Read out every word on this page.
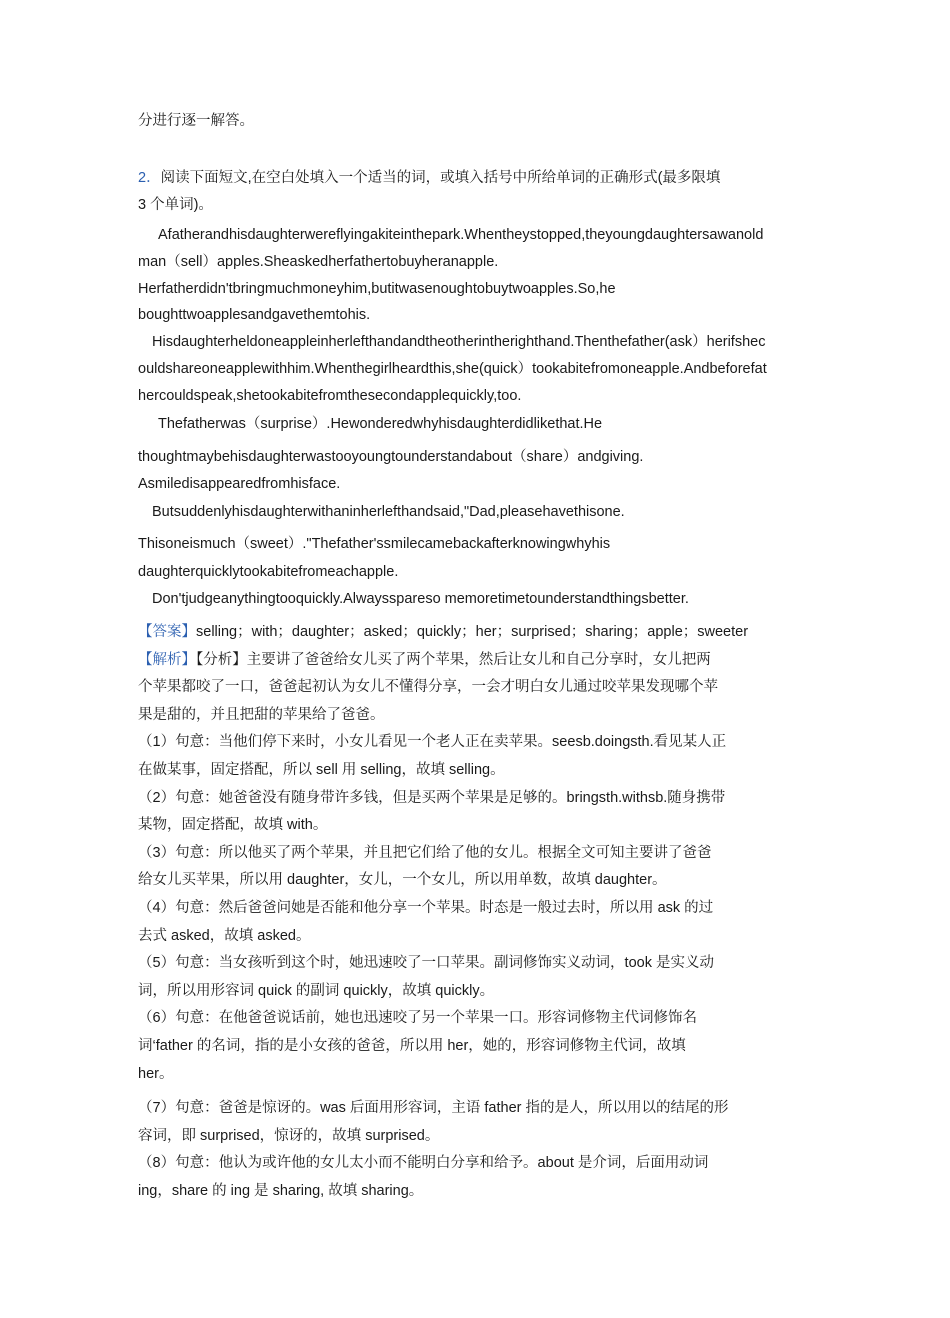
分进行逐一解答。
2．阅读下面短文,在空白处填入一个适当的词，或填入括号中所给单词的正确形式(最多限填
3 个单词)。
Afatherandhisdaughterwereflyingakiteinthepark.Whentheystopped,theyoungdaughtersawanold
man（sell）apples.Sheaskedherfathertobuyheranapple.
Herfatherdidn'tbringmuchmoneyhim,butitwasenoughtobuytwoapples.So,he
boughttwoapplesandgavethemtohis.
Hisdaughterheldoneappleinherlefthandandtheotherintherighthand.Thenthefather(ask）herifshec
ouldshareoneapplewithhim.Whenthegirlheardthis,she(quick）tookabitefromoneapple.Andbeforefat
hercouldspeak,shetookabitefromthesecondapplequickly,too.
Thefatherwas（surprise）.Hewonderedwhyhisdaughterdidlikethat.He
thoughtmaybehisdaughterwastooyoungtounderstandabout（share）andgiving.
Asmiledisappearedfromhisface.
Butsuddenlyhisdaughterwithaninherlefthandsaid,"Dad,pleasehavethisone.
Thisoneismuch（sweet）."Thefather'ssmilecamebackafterknowingwhyhis
daughterquicklytookabitefromeachapple.
Don'tjudgeanythingtooquickly.Alwaysspareso memoretimetounderstandthingsbetter.
【答案】selling；with；daughter；asked；quickly；her；surprised；sharing；apple；sweeter
【解析】【分析】主要讲了爸爸给女儿买了两个苹果，然后让女儿和自己分享时，女儿把两
个苹果都咬了一口，爸爸起初认为女儿不懂得分享，一会才明白女儿通过咬苹果发现哪个苹
果是甜的，并且把甜的苹果给了爸爸。
（1）句意：当他们停下来时，小女儿看见一个老人正在卖苹果。seesb.doingsth.看见某人正
在做某事，固定搭配，所以 sell 用 selling，故填 selling。
（2）句意：她爸爸没有随身带许多钱，但是买两个苹果是足够的。bringsth.withsb.随身携带
某物，固定搭配，故填 with。
（3）句意：所以他买了两个苹果，并且把它们给了他的女儿。根据全文可知主要讲了爸爸
给女儿买苹果，所以用 daughter，女儿，一个女儿，所以用单数，故填 daughter。
（4）句意：然后爸爸问她是否能和他分享一个苹果。时态是一般过去时，所以用 ask 的过
去式 asked，故填 asked。
（5）句意：当女孩听到这个时，她迅速咬了一口苹果。副词修饰实义动词，took 是实义动
词，所以用形容词 quick 的副词 quickly，故填 quickly。
（6）句意：在他爸爸说话前，她也迅速咬了另一个苹果一口。形容词修物主代词修饰名
词‘father 的名词，指的是小女孩的爸爸，所以用 her，她的，形容词修物主代词，故填
her。
（7）句意：爸爸是惊讶的。was 后面用形容词，主语 father 指的是人，所以用以的结尾的形
容词，即 surprised，惊讶的，故填 surprised。
（8）句意：他认为或许他的女儿太小而不能明白分享和给予。about 是介词，后面用动词
ing，share 的 ing 是 sharing, 故填 sharing。
